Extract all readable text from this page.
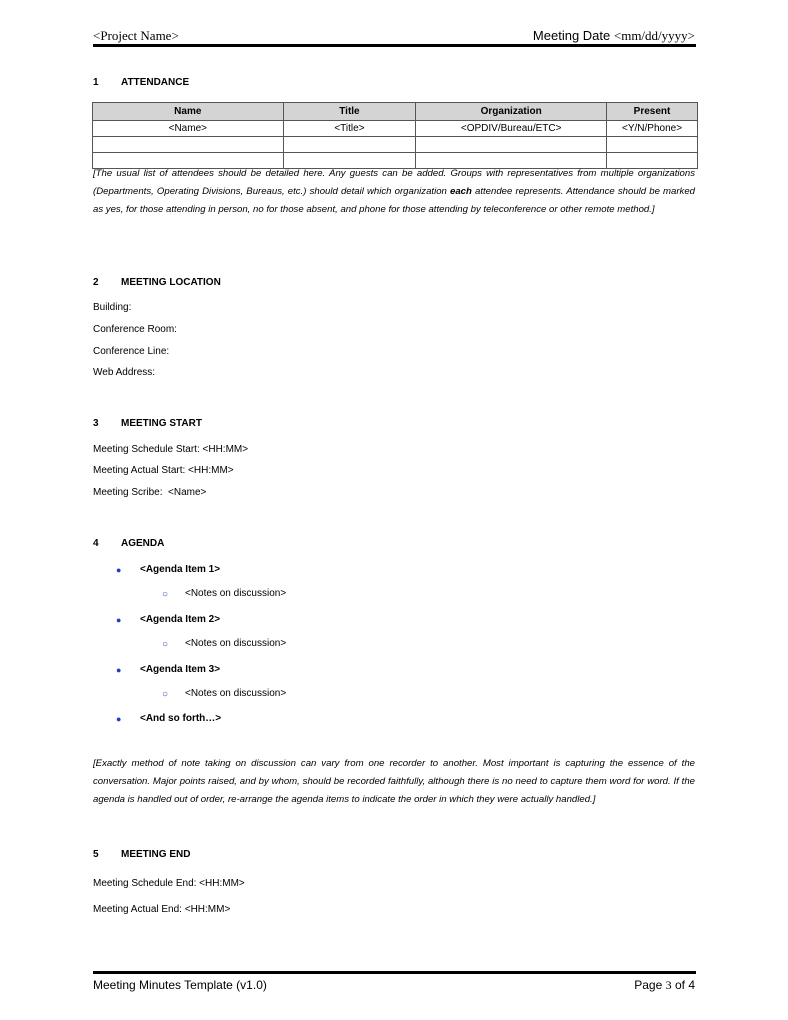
<Project Name>	Meeting Date <mm/dd/yyyy>
1 ATTENDANCE
Name	Title	Organization	Present
<Name>	<Title>	<OPDIV/Bureau/ETC>	<Y/N/Phone>

[The usual list of attendees should be detailed here. Any guests can be added. Groups with representatives from multiple organizations (Departments, Operating Divisions, Bureaus, etc.) should detail which organization each attendee represents. Attendance should be marked as yes, for those attending in person, no for those absent, and phone for those attending by teleconference or other remote method.]
2 MEETING LOCATION
Building:
Conference Room:
Conference Line:
Web Address:
3 MEETING START
Meeting Schedule Start: <HH:MM>
Meeting Actual Start: <HH:MM>
Meeting Scribe:  <Name>
4 AGENDA
● <Agenda Item 1>
○ <Notes on discussion>
● <Agenda Item 2>
○ <Notes on discussion>
● <Agenda Item 3>
○ <Notes on discussion>
● <And so forth…>
[Exactly method of note taking on discussion can vary from one recorder to another. Most important is capturing the essence of the conversation. Major points raised, and by whom, should be recorded faithfully, although there is no need to capture them word for word. If the agenda is handled out of order, re-arrange the agenda items to indicate the order in which they were actually handled.]
5 MEETING END
Meeting Schedule End: <HH:MM>
Meeting Actual End: <HH:MM>
Meeting Minutes Template (v1.0)	Page 3 of 4
